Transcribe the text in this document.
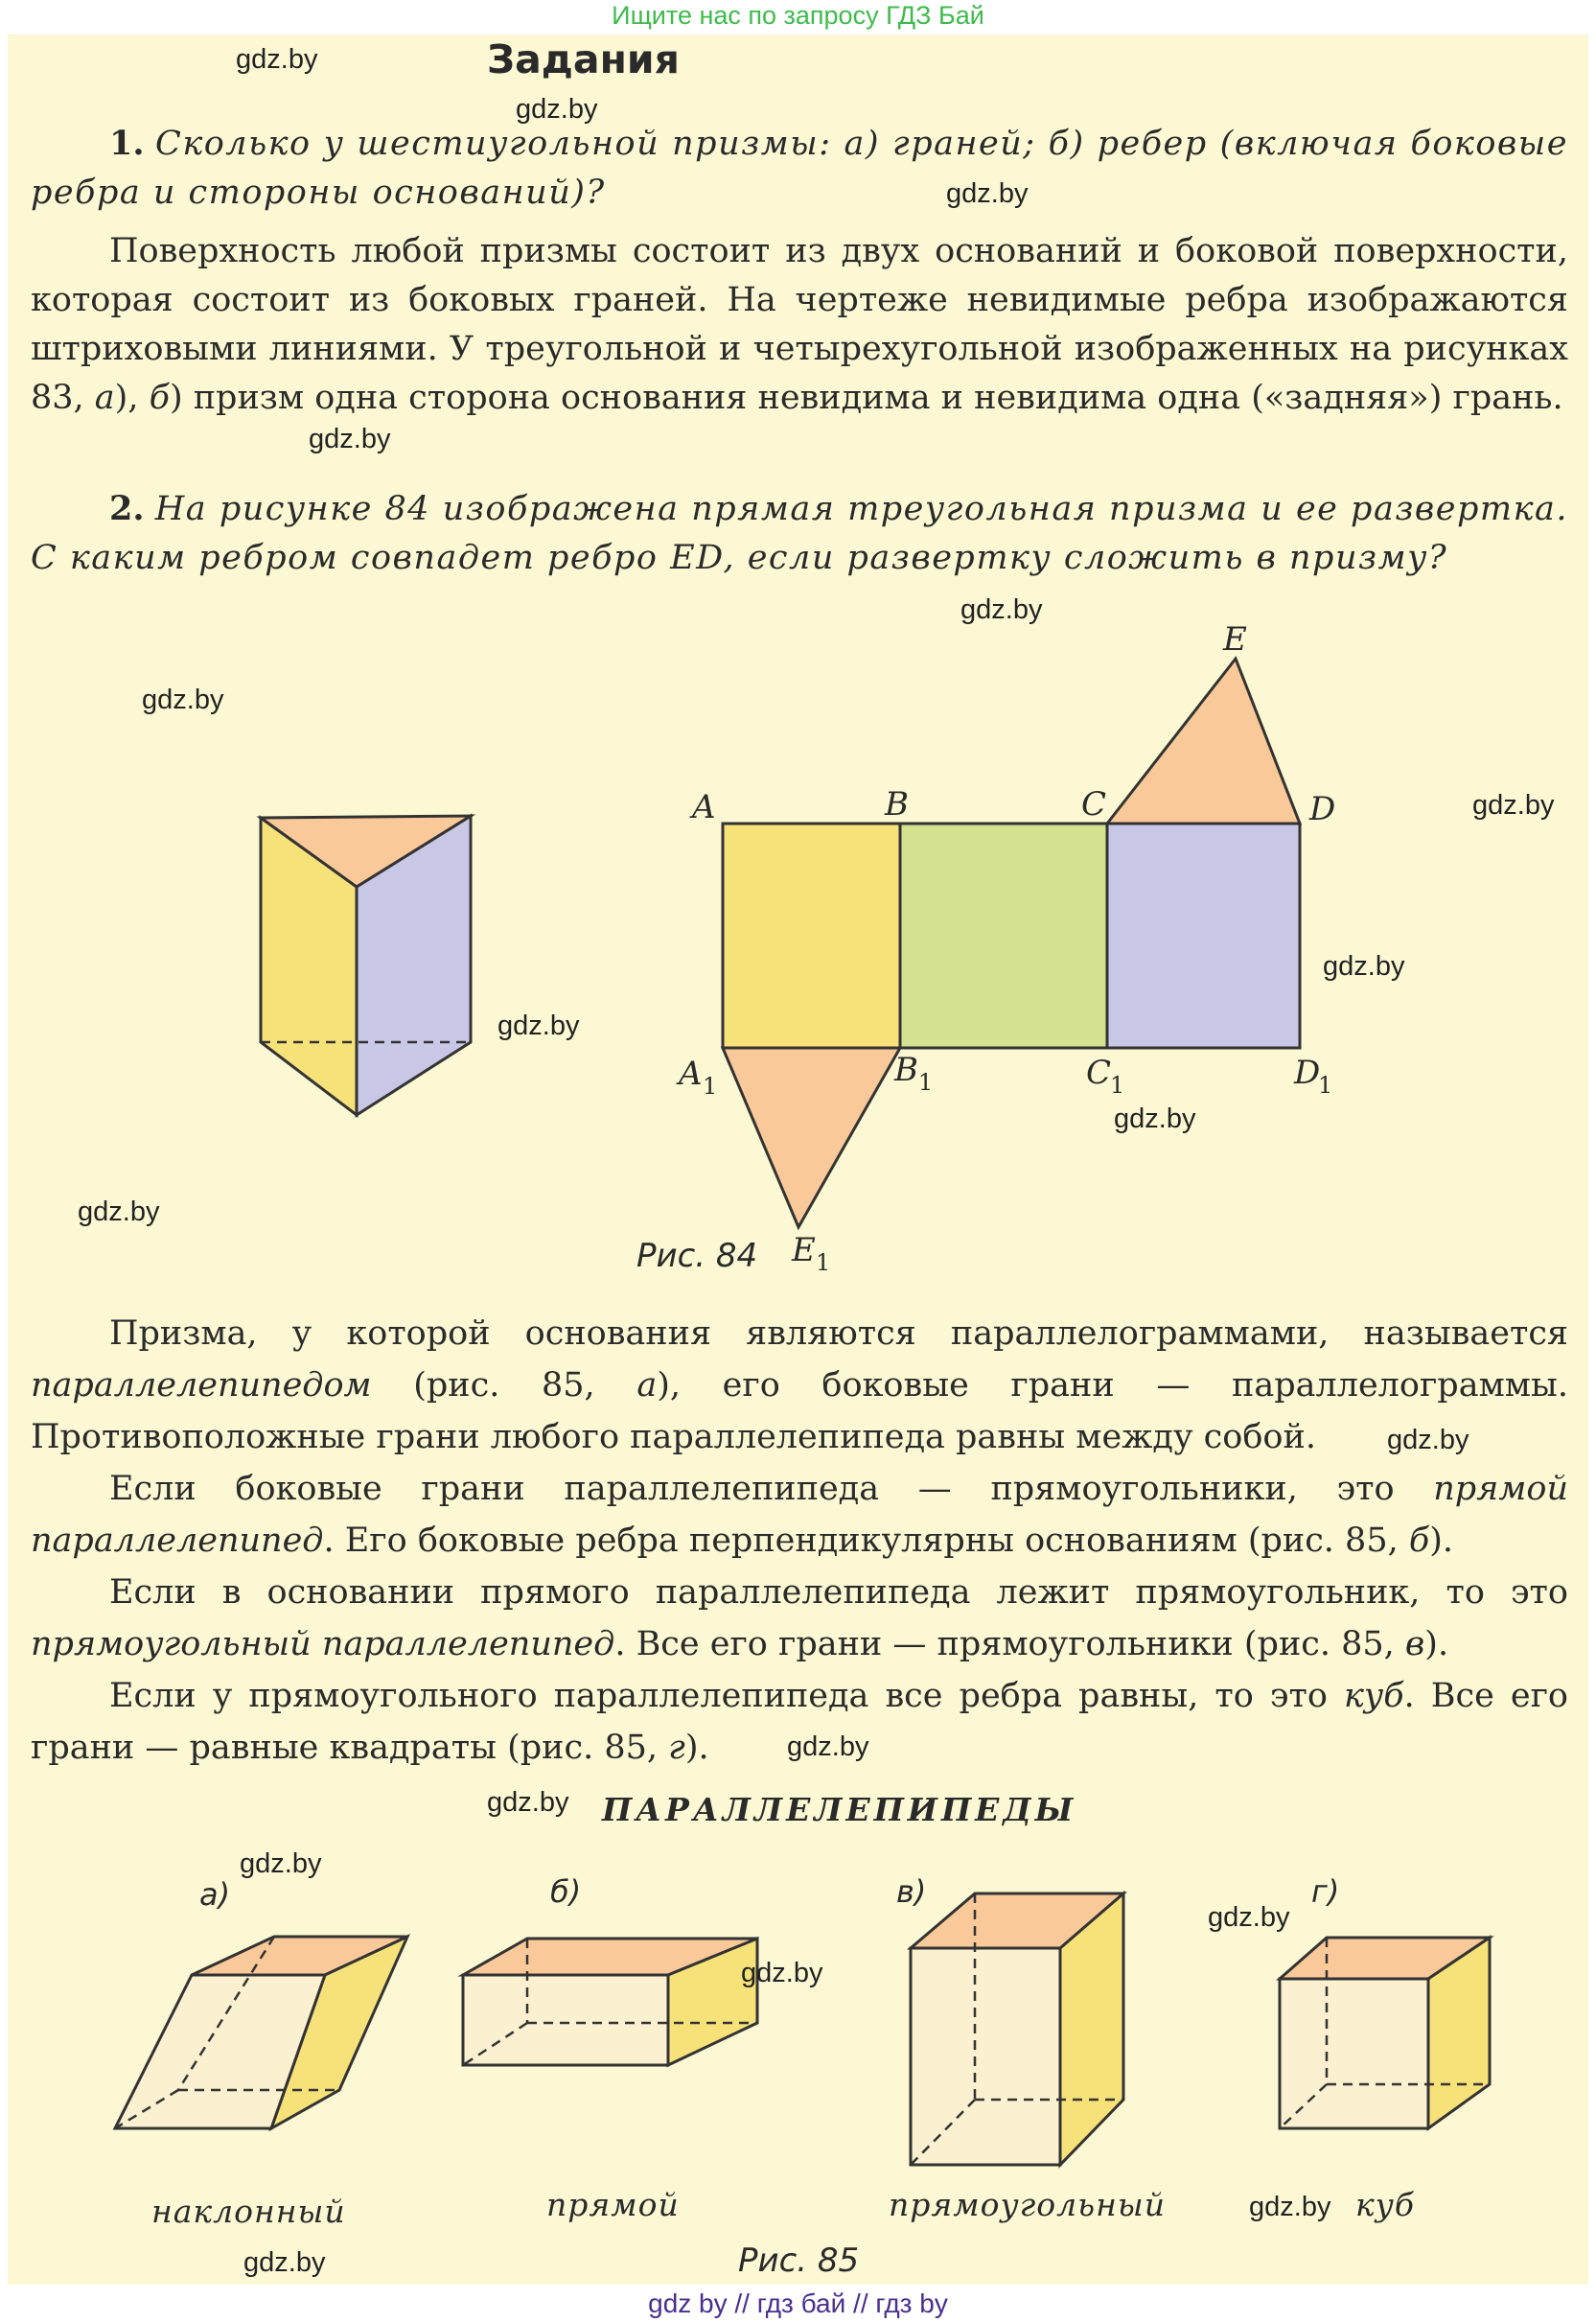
Ищите нас по запросу ГДЗ Бай
Задания
1. Сколько у шестиугольной призмы: а) граней; б) ребер (включая боковые ребра и стороны оснований)?
Поверхность любой призмы состоит из двух оснований и боковой поверхности, которая состоит из боковых граней. На чертеже невидимые ребра изображаются штриховыми линиями. У треугольной и четырехугольной изображенных на рисунках 83, а), б) призм одна сторона основания невидима и невидима одна («задняя») грань.
2. На рисунке 84 изображена прямая треугольная призма и ее развертка. С каким ребром совпадет ребро ED, если развертку сложить в призму?
A	B	C	D
E
A 1	B 1	C
1	D
1
E 1
Рис. 84
Призма, у которой основания являются параллелограммами, называется параллелепипедом (рис. 85, а), его боковые грани — параллелограммы. Противоположные грани любого параллелепипеда равны между собой.
Если боковые грани параллелепипеда — прямоугольники, это прямой параллелепипед. Его боковые ребра перпендикулярны основаниям (рис. 85, б).
Если в основании прямого параллелепипеда лежит прямоугольник, то это прямоугольный параллелепипед. Все его грани — прямоугольники (рис. 85, в).
Если у прямоугольного параллелепипеда все ребра равны, то это куб. Все его грани — равные квадраты (рис. 85, г).
ПАРАЛЛЕЛЕПИПЕДЫ
а)	б)	в)	г)
наклонный	прямой	прямоугольный	куб
Рис. 85
gdz.by
gdz.by
gdz.by
gdz.by
gdz.by
gdz.by
gdz.by
gdz.by
gdz.by
gdz.by
gdz.by
gdz.by
gdz.by
gdz.by
gdz.by
gdz.by
gdz.by
gdz.by
gdz.by
gdz by // гдз бай // гдз by
